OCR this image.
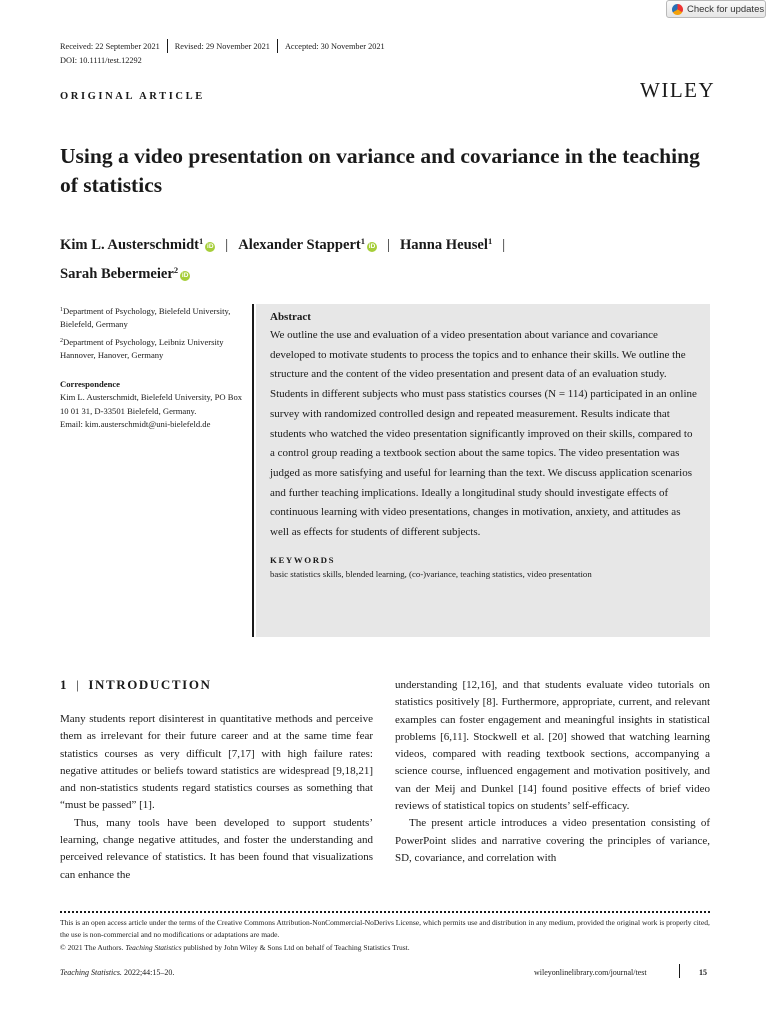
Check for updates
Received: 22 September 2021 Revised: 29 November 2021 Accepted: 30 November 2021
DOI: 10.1111/test.12292
ORIGINAL ARTICLE	WILEY
Using a video presentation on variance and covariance in the teaching of statistics
Kim L. Austerschmidt$^1$iD | Alexander Stappert$^1$iD | Hanna Heusel$^1$ |
Sarah Bebermeier$^2$iD
$^1$Department of Psychology, Bielefeld University, Bielefeld, Germany
$^2$Department of Psychology, Leibniz University Hannover, Hanover, Germany
Correspondence
Kim L. Austerschmidt, Bielefeld University, PO Box 10 01 31, D-33501 Bielefeld, Germany.
Email: kim.austerschmidt@uni-bielefeld.de
Abstract
We outline the use and evaluation of a video presentation about variance and covariance developed to motivate students to process the topics and to enhance their skills. We outline the structure and the content of the video presentation and present data of an evaluation study. Students in different subjects who must pass statistics courses (N = 114) participated in an online survey with randomized controlled design and repeated measurement. Results indicate that students who watched the video presentation significantly improved on their skills, compared to a control group reading a textbook section about the same topics. The video presentation was judged as more satisfying and useful for learning than the text. We discuss application scenarios and further teaching implications. Ideally a longitudinal study should investigate effects of continuous learning with video presentations, changes in motivation, anxiety, and attitudes as well as effects for students of different subjects.
KEYWORDS
basic statistics skills, blended learning, (co-)variance, teaching statistics, video presentation
1 | INTRODUCTION

Many students report disinterest in quantitative methods and perceive them as irrelevant for their future career and at the same time fear statistics courses as very difficult [7,17] with high failure rates: negative attitudes or beliefs toward statistics are widespread [9,18,21] and non-statistics students regard statistics courses as something that “must be passed” [1].

Thus, many tools have been developed to support students’ learning, change negative attitudes, and foster the understanding and perceived relevance of statistics. It has been found that visualizations can enhance the

understanding [12,16], and that students evaluate video tutorials on statistics positively [8]. Furthermore, appropriate, current, and relevant examples can foster engagement and meaningful insights in statistical problems [6,11]. Stockwell et al. [20] showed that watching learning videos, compared with reading textbook sections, accompanying a science course, influenced engagement and motivation positively, and van der Meij and Dunkel [14] found positive effects of brief video reviews of statistical topics on students’ self-efficacy.

The present article introduces a video presentation consisting of PowerPoint slides and narrative covering the principles of variance, SD, covariance, and correlation with

This is an open access article under the terms of the Creative Commons Attribution-NonCommercial-NoDerivs License, which permits use and distribution in any medium, provided the original work is properly cited, the use is non-commercial and no modifications or adaptations are made.
© 2021 The Authors. Teaching Statistics published by John Wiley & Sons Ltd on behalf of Teaching Statistics Trust.
Teaching Statistics. 2022;44:15–20.	wileyonlinelibrary.com/journal/test	15
